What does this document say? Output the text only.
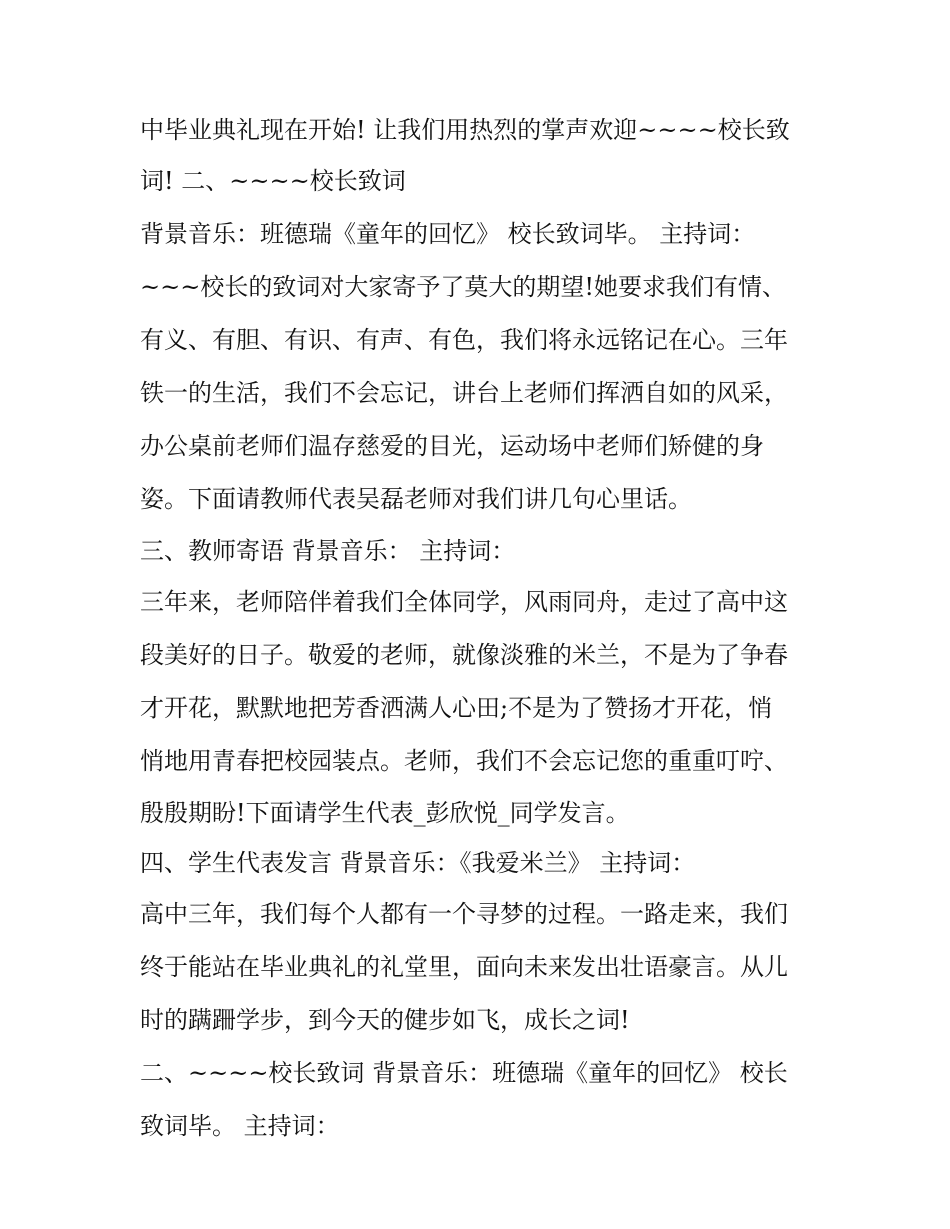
中毕业典礼现在开始! 让我们用热烈的掌声欢迎~~~~校长致
词! 二、~~~~校长致词
背景音乐：班德瑞《童年的回忆》 校长致词毕。 主持词：
~~~校长的致词对大家寄予了莫大的期望!她要求我们有情、
有义、有胆、有识、有声、有色，我们将永远铭记在心。三年
铁一的生活，我们不会忘记，讲台上老师们挥洒自如的风采，
办公桌前老师们温存慈爱的目光，运动场中老师们矫健的身
姿。下面请教师代表吴磊老师对我们讲几句心里话。
三、教师寄语 背景音乐： 主持词：
三年来，老师陪伴着我们全体同学，风雨同舟，走过了高中这
段美好的日子。敬爱的老师，就像淡雅的米兰，不是为了争春
才开花，默默地把芳香洒满人心田;不是为了赞扬才开花，悄
悄地用青春把校园装点。老师，我们不会忘记您的重重叮咛、
殷殷期盼!下面请学生代表_彭欣悦_同学发言。
四、学生代表发言 背景音乐：《我爱米兰》 主持词：
高中三年，我们每个人都有一个寻梦的过程。一路走来，我们
终于能站在毕业典礼的礼堂里，面向未来发出壮语豪言。从儿
时的蹒跚学步，到今天的健步如飞，成长之词!
二、~~~~校长致词 背景音乐：班德瑞《童年的回忆》 校长
致词毕。 主持词：
